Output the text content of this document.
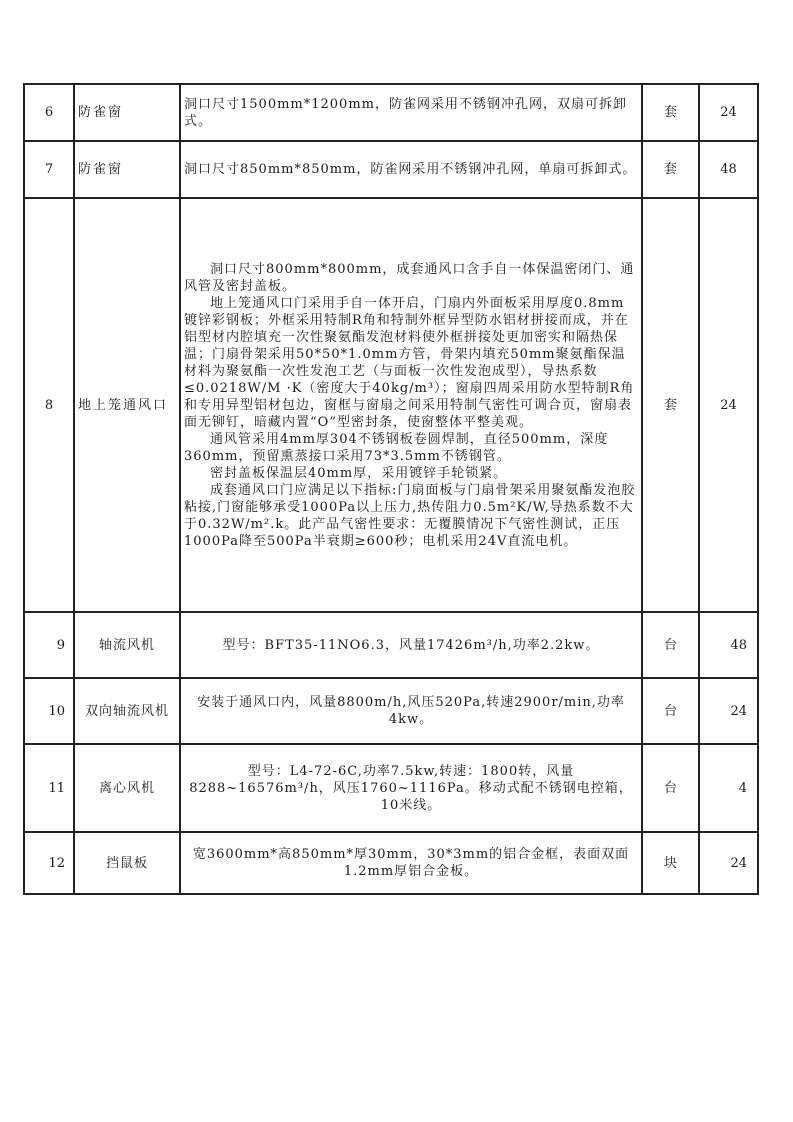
6	防雀窗	洞口尺寸1500mm*1200mm，防雀网采用不锈钢冲孔网，双扇可拆卸式。	套	24
7	防雀窗	洞口尺寸850mm*850mm，防雀网采用不锈钢冲孔网，单扇可拆卸式。	套	48
8	地上笼通风口	洞口尺寸800mm*800mm，成套通风口含手自一体保温密闭门、通风管及密封盖板。
地上笼通风口门采用手自一体开启，门扇内外面板采用厚度0.8mm镀锌彩钢板；外框采用特制R角和特制外框异型防水铝材拼接而成，并在铝型材内腔填充一次性聚氨酯发泡材料使外框拼接处更加密实和隔热保温；门扇骨架采用50*50*1.0mm方管，骨架内填充50mm聚氨酯保温材料为聚氨酯一次性发泡工艺（与面板一次性发泡成型），导热系数≤0.0218W/M ·K（密度大于40kg/m³）；窗扇四周采用防水型特制R角和专用异型铝材包边，窗框与窗扇之间采用特制气密性可调合页，窗扇表面无铆钉，暗藏内置“O”型密封条，使窗整体平整美观。
通风管采用4mm厚304不锈钢板卷圆焊制，直径500mm，深度360mm，预留熏蒸接口采用73*3.5mm不锈钢管。
密封盖板保温层40mm厚，采用镀锌手轮锁紧。
成套通风口门应满足以下指标:门扇面板与门扇骨架采用聚氨酯发泡胶粘接,门窗能够承受1000Pa以上压力,热传阻力0.5m²K/W,导热系数不大于0.32W/m².k。此产品气密性要求：无覆膜情况下气密性测试，正压1000Pa降至500Pa半衰期≥600秒；电机采用24V直流电机。	套	24
9	轴流风机	型号：BFT35-11NO6.3，风量17426m³/h,功率2.2kw。	台	48
10	双向轴流风机	安装于通风口内，风量8800m/h,风压520Pa,转速2900r/min,功率4kw。	台	24
11	离心风机	型号：L4-72-6C,功率7.5kw,转速：1800转，风量8288~16576m³/h，风压1760~1116Pa。移动式配不锈钢电控箱，10米线。	台	4
12	挡鼠板	宽3600mm*高850mm*厚30mm，30*3mm的铝合金框，表面双面1.2mm厚铝合金板。	块	24
